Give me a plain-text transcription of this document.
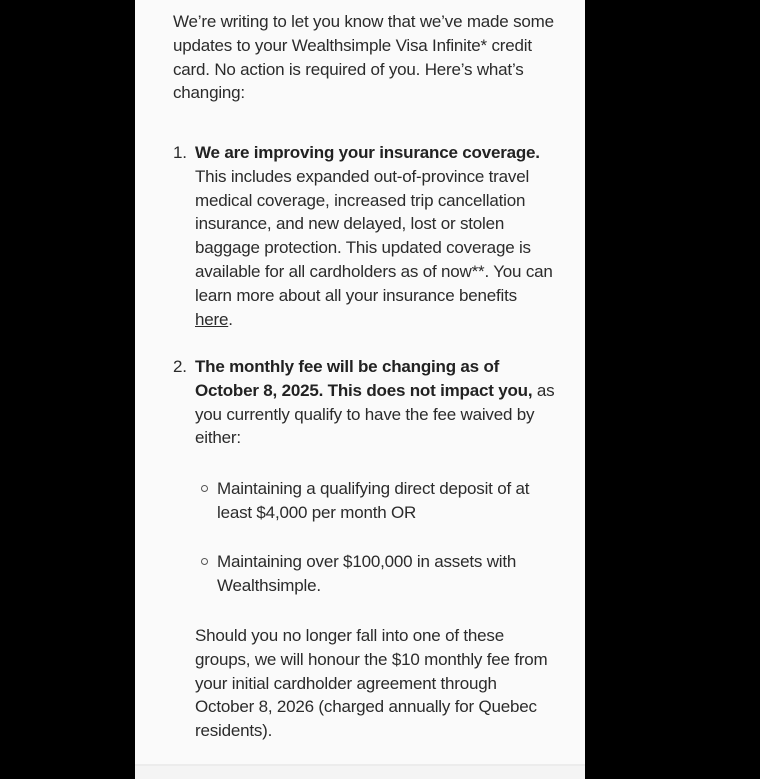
We’re writing to let you know that we’ve made some updates to your Wealthsimple Visa Infinite* credit card. No action is required of you. Here’s what’s changing:

1. We are improving your insurance coverage. This includes expanded out-of-province travel medical coverage, increased trip cancellation insurance, and new delayed, lost or stolen baggage protection. This updated coverage is available for all cardholders as of now**. You can learn more about all your insurance benefits here.

2. The monthly fee will be changing as of October 8, 2025. This does not impact you, as you currently qualify to have the fee waived by either:

Maintaining a qualifying direct deposit of at least $4,000 per month OR

Maintaining over $100,000 in assets with Wealthsimple.

Should you no longer fall into one of these groups, we will honour the $10 monthly fee from your initial cardholder agreement through October 8, 2026 (charged annually for Quebec residents).
